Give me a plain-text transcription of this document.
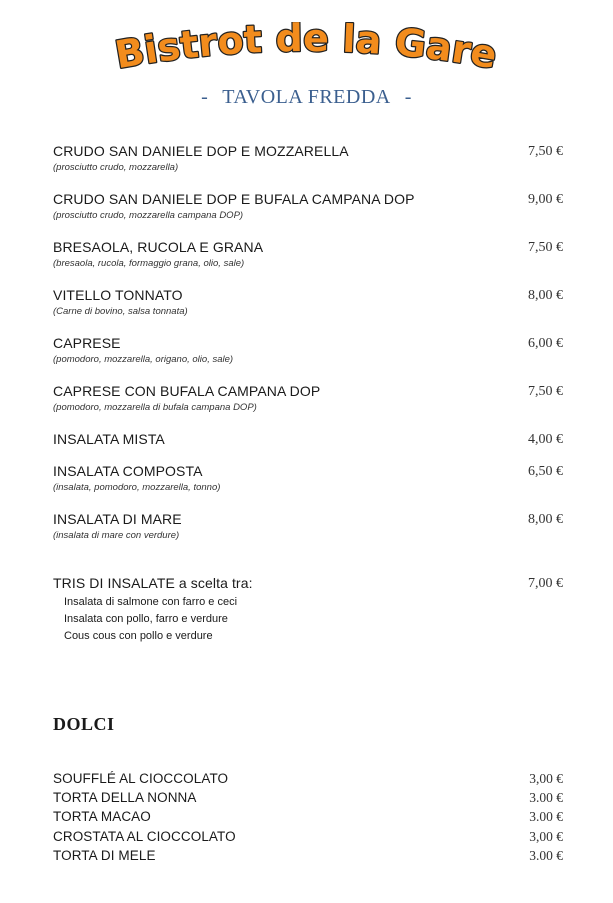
Bistrot de la Gare
- TAVOLA FREDDA -
CRUDO SAN DANIELE DOP E MOZZARELLA
(prosciutto crudo, mozzarella)
7,50 €
CRUDO SAN DANIELE DOP E BUFALA CAMPANA DOP
(prosciutto crudo, mozzarella campana DOP)
9,00 €
BRESAOLA, RUCOLA E GRANA
(bresaola, rucola, formaggio grana, olio, sale)
7,50 €
VITELLO TONNATO
(Carne di bovino, salsa tonnata)
8,00 €
CAPRESE
(pomodoro, mozzarella, origano, olio, sale)
6,00 €
CAPRESE CON BUFALA CAMPANA DOP
(pomodoro, mozzarella di bufala campana DOP)
7,50 €
INSALATA MISTA	4,00 €
INSALATA COMPOSTA
(insalata, pomodoro, mozzarella, tonno)
6,50 €
INSALATA DI MARE
(insalata di mare con verdure)
8,00 €
TRIS DI INSALATE a scelta tra:
Insalata di salmone con farro e ceci
Insalata con pollo, farro e verdure
Cous cous con pollo e verdure
7,00 €
DOLCI
SOUFFLÉ AL CIOCCOLATO	3,00 €
TORTA DELLA NONNA	3.00 €
TORTA MACAO	3.00 €
CROSTATA AL CIOCCOLATO	3,00 €
TORTA DI MELE	3.00 €
